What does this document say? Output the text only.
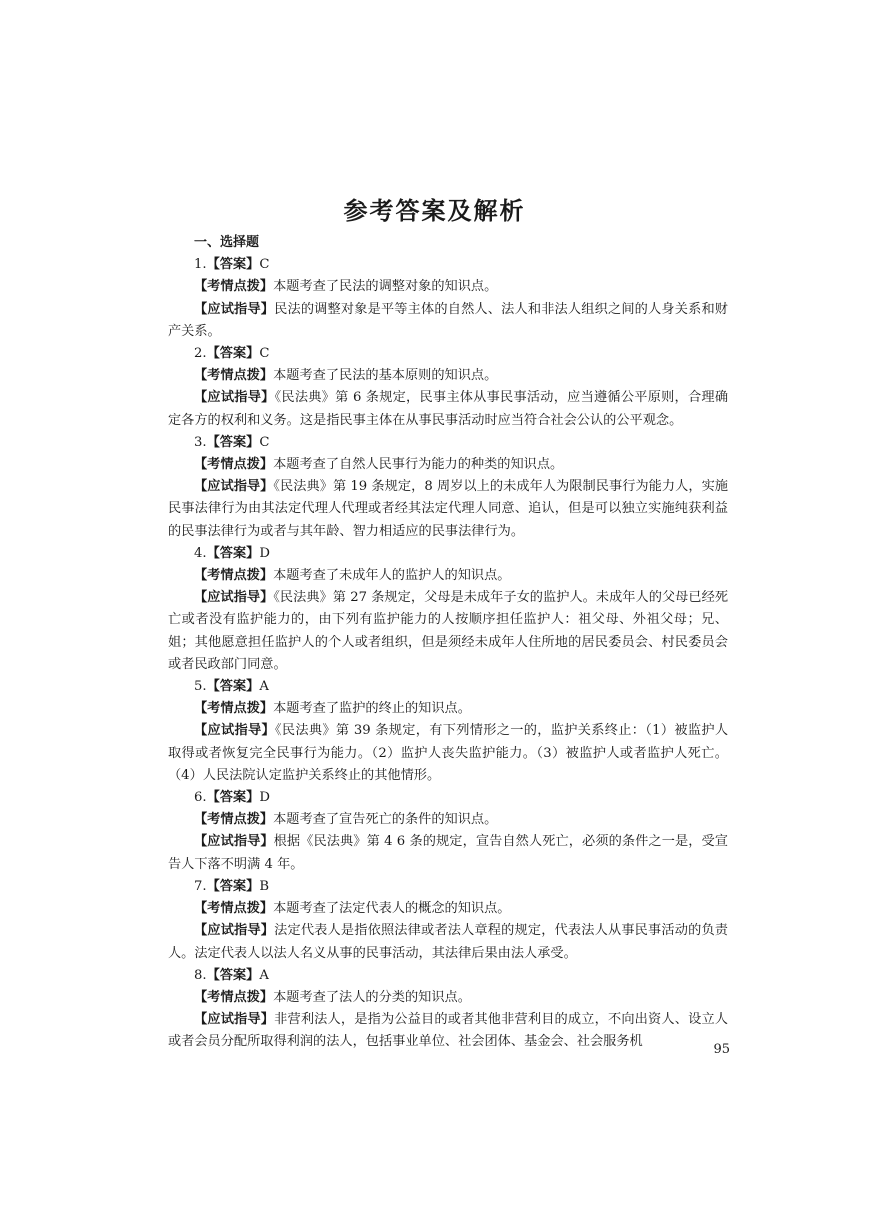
参考答案及解析

一、选择题

1.【答案】C

【考情点拨】本题考查了民法的调整对象的知识点。

【应试指导】民法的调整对象是平等主体的自然人、法人和非法人组织之间的人身关系和财产关系。

2.【答案】C

【考情点拨】本题考查了民法的基本原则的知识点。

【应试指导】《民法典》第 6 条规定，民事主体从事民事活动，应当遵循公平原则，合理确定各方的权利和义务。这是指民事主体在从事民事活动时应当符合社会公认的公平观念。

3.【答案】C

【考情点拨】本题考查了自然人民事行为能力的种类的知识点。

【应试指导】《民法典》第 19 条规定，8 周岁以上的未成年人为限制民事行为能力人，实施民事法律行为由其法定代理人代理或者经其法定代理人同意、追认，但是可以独立实施纯获利益的民事法律行为或者与其年龄、智力相适应的民事法律行为。

4.【答案】D

【考情点拨】本题考查了未成年人的监护人的知识点。

【应试指导】《民法典》第 27 条规定，父母是未成年子女的监护人。未成年人的父母已经死亡或者没有监护能力的，由下列有监护能力的人按顺序担任监护人：祖父母、外祖父母；兄、姐；其他愿意担任监护人的个人或者组织，但是须经未成年人住所地的居民委员会、村民委员会或者民政部门同意。

5.【答案】A

【考情点拨】本题考查了监护的终止的知识点。

【应试指导】《民法典》第 39 条规定，有下列情形之一的，监护关系终止：（1）被监护人取得或者恢复完全民事行为能力。（2）监护人丧失监护能力。（3）被监护人或者监护人死亡。（4）人民法院认定监护关系终止的其他情形。

6.【答案】D

【考情点拨】本题考查了宣告死亡的条件的知识点。

【应试指导】根据《民法典》第 4 6 条的规定，宣告自然人死亡，必须的条件之一是，受宣告人下落不明满 4 年。

7.【答案】B

【考情点拨】本题考查了法定代表人的概念的知识点。

【应试指导】法定代表人是指依照法律或者法人章程的规定，代表法人从事民事活动的负责人。法定代表人以法人名义从事的民事活动，其法律后果由法人承受。

8.【答案】A

【考情点拨】本题考查了法人的分类的知识点。

【应试指导】非营利法人，是指为公益目的或者其他非营利目的成立，不向出资人、设立人或者会员分配所取得利润的法人，包括事业单位、社会团体、基金会、社会服务机

95
